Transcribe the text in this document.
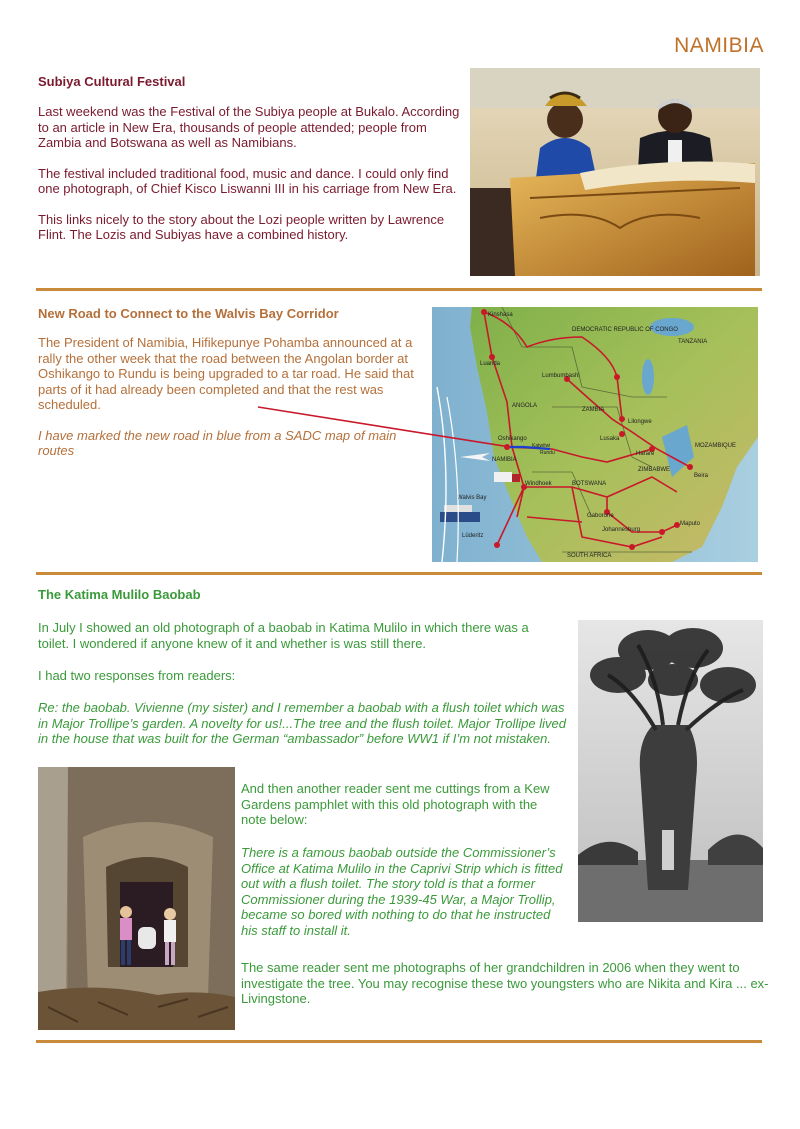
NAMIBIA
Subiya Cultural Festival

Last weekend was the Festival of the Subiya people at Bukalo. According to an article in New Era, thousands of people attended; people from Zambia and Botswana as well as Namibians.

The festival included traditional food, music and dance. I could only find one photograph, of Chief Kisco Liswanni III in his carriage from New Era.

This links nicely to the story about the Lozi people written by Lawrence Flint. The Lozis and Subiyas have a combined history.

New Road to Connect to the Walvis Bay Corridor

The President of Namibia, Hifikepunye Pohamba announced at a rally the other week that the road between the Angolan border at Oshikango to Rundu is being upgraded to a tar road. He said that parts of it had already been completed and that the rest was scheduled.

I have marked the new road in blue from a SADC map of main routes

Kinshasa
DEMOCRATIC REPUBLIC OF CONGO
TANZANIA
Luanda
Lumbumbashi
ANGOLA
ZAMBIA
Lilongwe
Lusaka
MOZAMBIQUE
Oshikango
Katwitwi
Rundu
NAMIBIA
Harare
ZIMBABWE
Beira
Windhoek	BOTSWANA
Walvis Bay
Gaborone
Maputo
Johannesburg
Lüderitz
SOUTH AFRICA
The Katima Mulilo Baobab

In July I showed an old photograph of a baobab in Katima Mulilo in which there was a toilet. I wondered if anyone knew of it and whether is was still there.

I had two responses from readers:

Re: the baobab. Vivienne (my sister) and I remember a baobab with a flush toilet which was in Major Trollipe’s garden. A novelty for us!...The tree and the flush toilet. Major Trollipe lived in the house that was built for the German “ambassador” before WW1 if I’m not mistaken.

And then another reader sent me cuttings from a Kew Gardens pamphlet with this old photograph with the note below:

There is a famous baobab outside the Commissioner’s Office at Katima Mulilo in the Caprivi Strip which is fitted out with a flush toilet. The story told is that a former Commissioner during the 1939-45 War, a Major Trollip, became so bored with nothing to do that he instructed his staff to install it.

The same reader sent me photographs of her grandchildren in 2006 when they went to investigate the tree. You may recognise these two youngsters who are Nikita and Kira ... ex-Livingstone.
